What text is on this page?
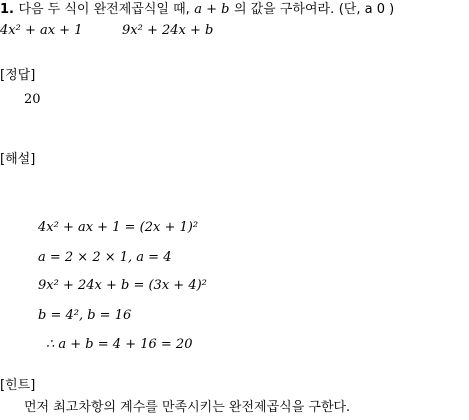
1. 다음 두 식이 완전제곱식일 때, a + b 의 값을 구하여라. (단, a 0 )
4x² + ax + 1	9x² + 24x + b
[정답]
20
[해설]
4x² + ax + 1 = (2x + 1)²
a = 2 × 2 × 1, a = 4
9x² + 24x + b = (3x + 4)²
b = 4², b = 16
∴ a + b = 4 + 16 = 20
[힌트]
먼저 최고차항의 계수를 만족시키는 완전제곱식을 구한다.
